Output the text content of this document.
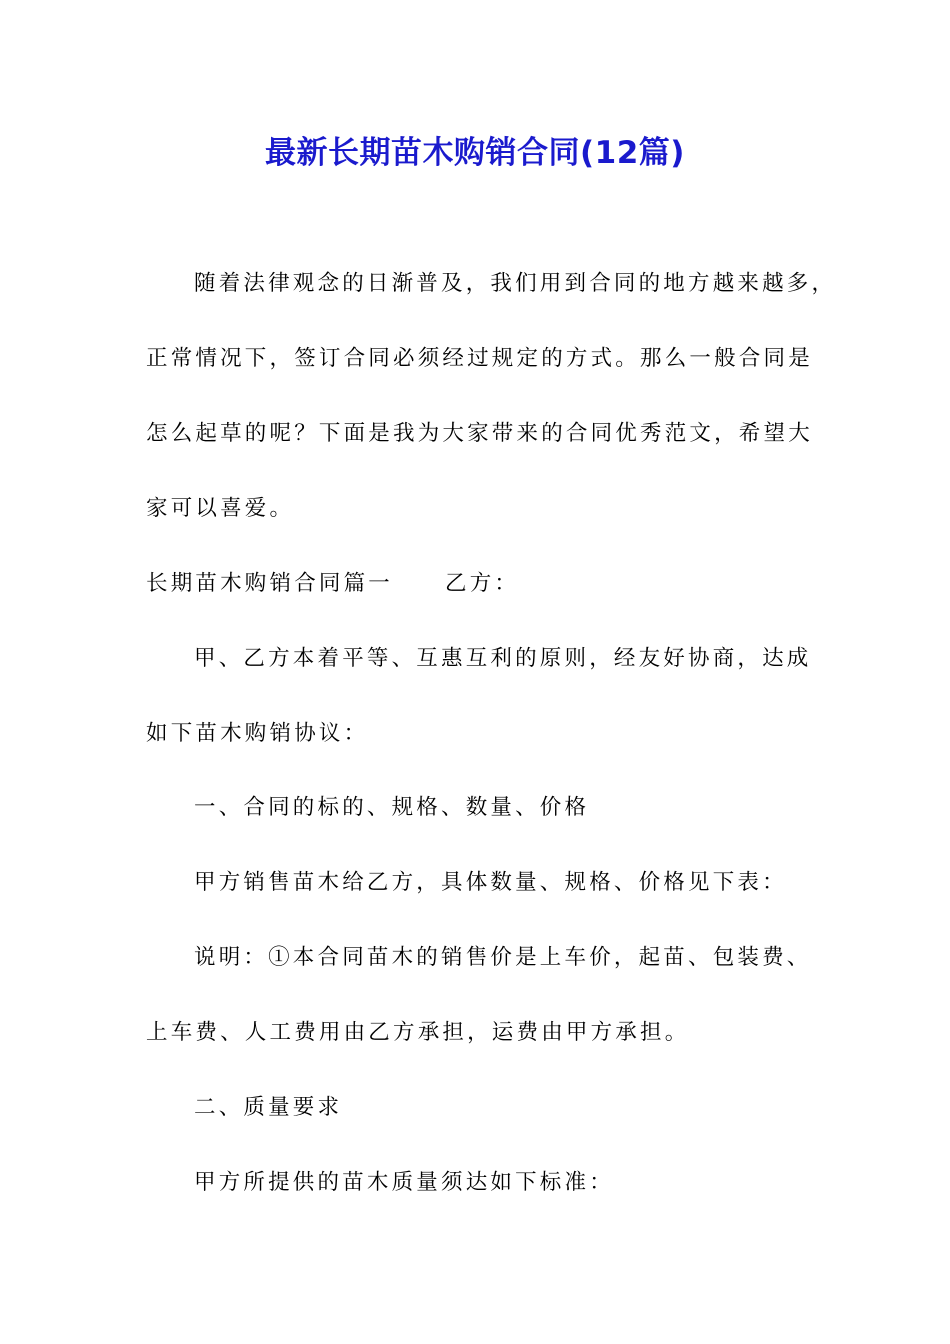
最新长期苗木购销合同(12篇)
随着法律观念的日渐普及，我们用到合同的地方越来越多，
正常情况下，签订合同必须经过规定的方式。那么一般合同是
怎么起草的呢？下面是我为大家带来的合同优秀范文，希望大
家可以喜爱。
长期苗木购销合同篇一 乙方：
甲、乙方本着平等、互惠互利的原则，经友好协商，达成
如下苗木购销协议：
一、合同的标的、规格、数量、价格
甲方销售苗木给乙方，具体数量、规格、价格见下表：
说明：①本合同苗木的销售价是上车价，起苗、包装费、
上车费、人工费用由乙方承担，运费由甲方承担。
二、质量要求
甲方所提供的苗木质量须达如下标准：
